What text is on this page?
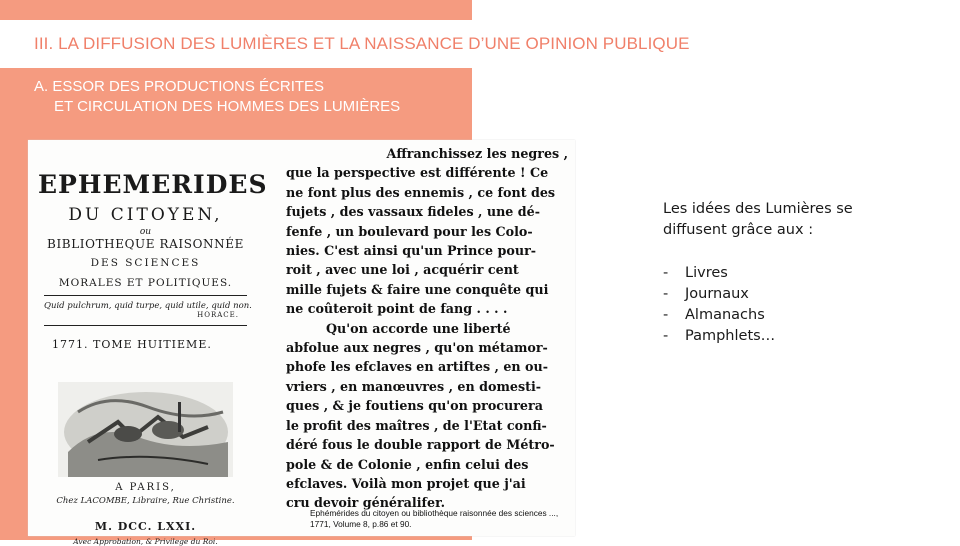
III. LA DIFFUSION DES LUMIÈRES ET LA NAISSANCE D’UNE OPINION PUBLIQUE
A. ESSOR DES PRODUCTIONS ÉCRITES
ET CIRCULATION DES HOMMES DES LUMIÈRES
EPHEMERIDES
DU CITOYEN,
ou
BIBLIOTHEQUE RAISONNÉE
DES SCIENCES
MORALES ET POLITIQUES.
Quid pulchrum, quid turpe, quid utile, quid non.
HORACE.
1771. TOME HUITIEME.
A PARIS,
Chez LACOMBE, Libraire, Rue Christine.
M. DCC. LXXI.
Avec Approbation, & Privilege du Roi.
Affranchissez les negres ,
que la perspective est différente ! Ce
ne font plus des ennemis , ce font des
fujets , des vassaux fideles , une dé-
fenfe , un boulevard pour les Colo-
nies. C'est ainsi qu'un Prince pour-
roit , avec une loi , acquérir cent
mille fujets & faire une conquête qui
ne coûteroit point de fang . . . .
Qu'on accorde une liberté
abfolue aux negres , qu'on métamor-
phofe les efclaves en artiftes , en ou-
vriers , en manœuvres , en domesti-
ques , & je foutiens qu'on procurera
le profit des maîtres , de l'Etat confi-
déré fous le double rapport de Métro-
pole & de Colonie , enfin celui des
efclaves. Voilà mon projet que j'ai
cru devoir généralifer.
Ephémérides du citoyen ou bibliothèque raisonnée des sciences ..., 1771, Volume 8, p.86 et 90.
Les idées des Lumières se diffusent grâce aux :
- Livres
- Journaux
- Almanachs
- Pamphlets…
